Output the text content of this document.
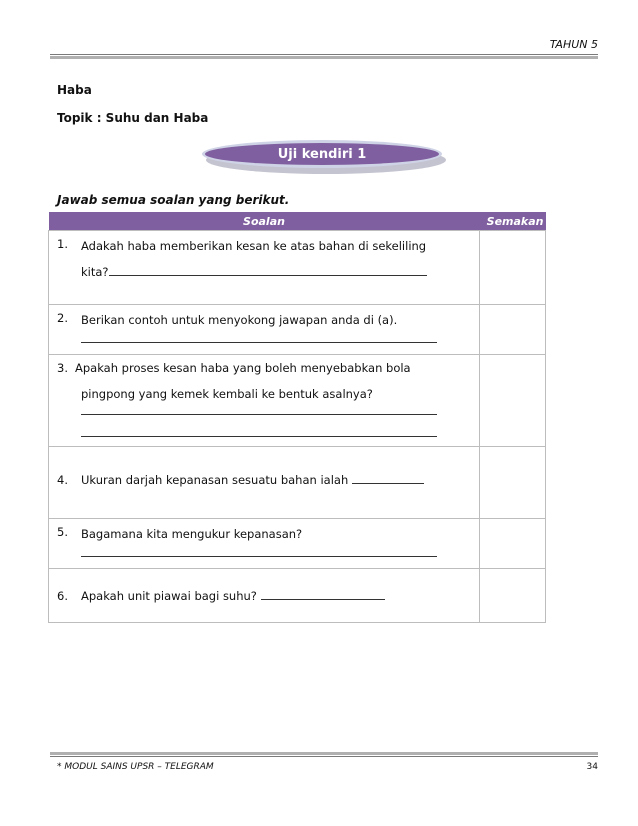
TAHUN 5
Haba
Topik : Suhu dan Haba
Uji kendiri 1
Jawab semua soalan yang berikut.
Soalan	Semakan

1. Adakah haba memberikan kesan ke atas bahan di sekeliling
kita?	

2. Berikan contoh untuk menyokong jawapan anda di (a).	

3. Apakah proses kesan haba yang boleh menyebabkan bola
pingpong yang kemek kembali ke bentuk asalnya?	

4. Ukuran darjah kepanasan sesuatu bahan ialah	

5. Bagamana kita mengukur kepanasan?	

6. Apakah unit piawai bagi suhu?	

* MODUL SAINS UPSR – TELEGRAM	34
